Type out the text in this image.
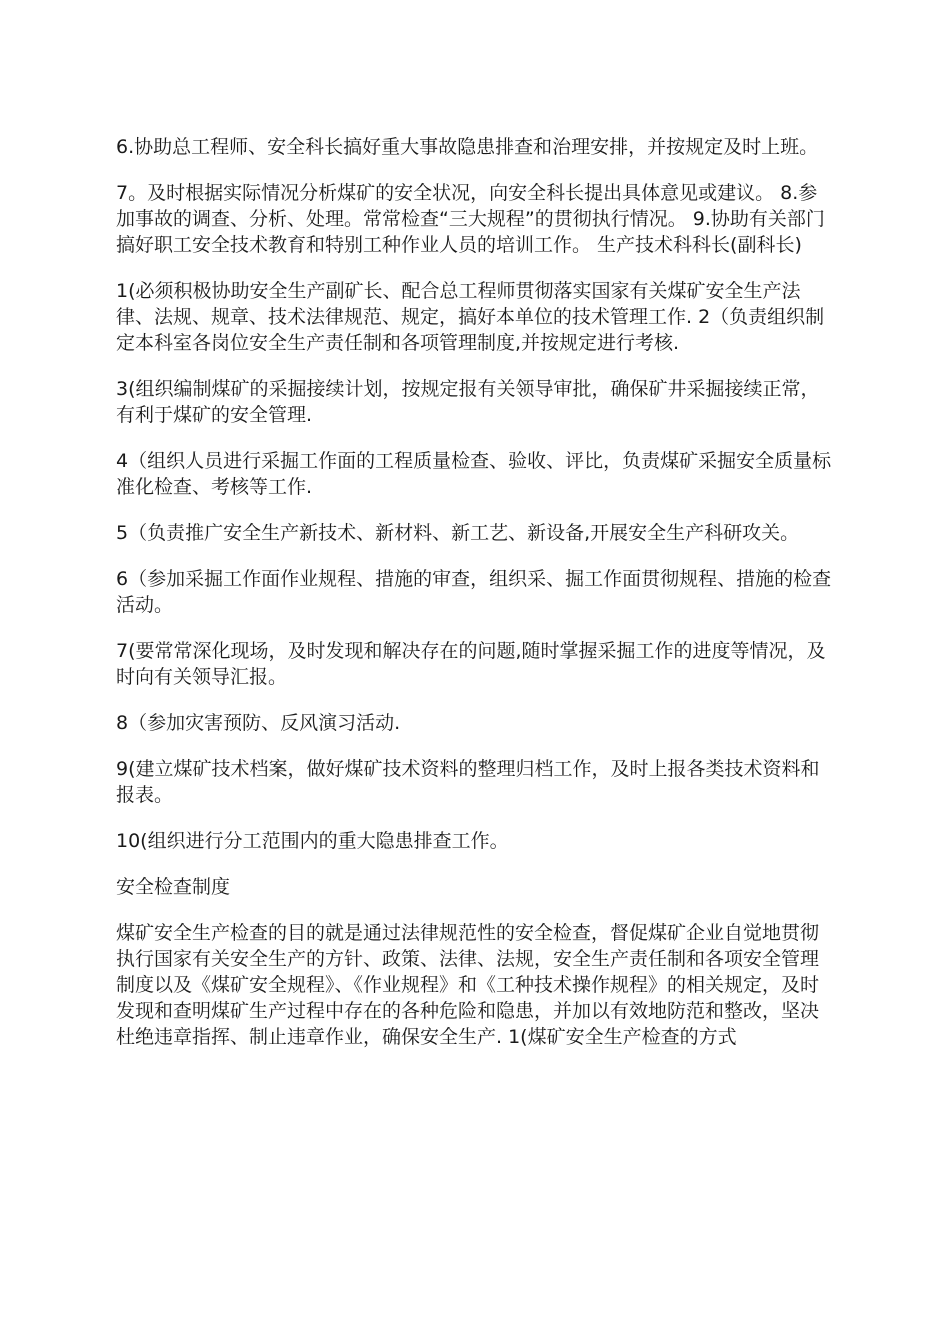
6.协助总工程师、安全科长搞好重大事故隐患排查和治理安排，并按规定及时上班。

7。及时根据实际情况分析煤矿的安全状况，向安全科长提出具体意见或建议。 8.参加事故的调查、分析、处理。常常检查“三大规程”的贯彻执行情况。 9.协助有关部门搞好职工安全技术教育和特别工种作业人员的培训工作。 生产技术科科长(副科长)

1(必须积极协助安全生产副矿长、配合总工程师贯彻落实国家有关煤矿安全生产法律、法规、规章、技术法律规范、规定，搞好本单位的技术管理工作. 2（负责组织制定本科室各岗位安全生产责任制和各项管理制度,并按规定进行考核.

3(组织编制煤矿的采掘接续计划，按规定报有关领导审批，确保矿井采掘接续正常，有利于煤矿的安全管理.

4（组织人员进行采掘工作面的工程质量检查、验收、评比，负责煤矿采掘安全质量标准化检查、考核等工作.

5（负责推广安全生产新技术、新材料、新工艺、新设备,开展安全生产科研攻关。

6（参加采掘工作面作业规程、措施的审查，组织采、掘工作面贯彻规程、措施的检查活动。

7(要常常深化现场，及时发现和解决存在的问题,随时掌握采掘工作的进度等情况，及时向有关领导汇报。

8（参加灾害预防、反风演习活动.

9(建立煤矿技术档案，做好煤矿技术资料的整理归档工作，及时上报各类技术资料和报表。

10(组织进行分工范围内的重大隐患排查工作。

安全检查制度

煤矿安全生产检查的目的就是通过法律规范性的安全检查，督促煤矿企业自觉地贯彻执行国家有关安全生产的方针、政策、法律、法规，安全生产责任制和各项安全管理制度以及《煤矿安全规程》、《作业规程》和《工种技术操作规程》的相关规定，及时发现和查明煤矿生产过程中存在的各种危险和隐患，并加以有效地防范和整改，坚决杜绝违章指挥、制止违章作业，确保安全生产. 1(煤矿安全生产检查的方式
